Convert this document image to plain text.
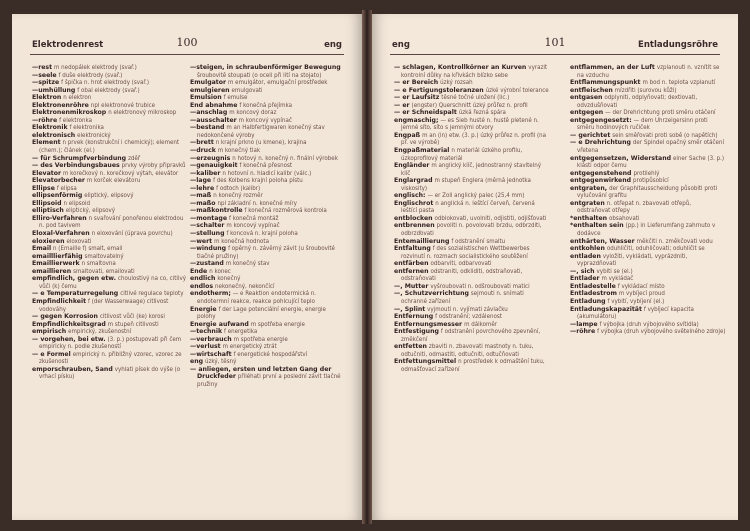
Elektrodenrest	100	eng

—rest m nedopálek elektrody (svař.)

—seele f duše elektrody (svař.)

—spitze f špička n. hrot elektrody (svař.)

—umhüllung f obal elektrody (svař.)

Elektron n elektron

Elektronenröhre npl elektronové trubice

Elektronenmikroskop n elektronový mikroskop

—röhre f elektronka

Elektronik f elektronika

elektronisch elektronický

Element n prvek (konstrukční i chemický); element (chem.); článek (el.)

— für Schrumpfverbindung zděř

— des Verbindungsbaues prvky výroby připravků

Elevator m korečkový n. korečkový výtah, elevátor

Elevatorbecher m korček elevátoru

Ellipse f elipsa

ellipsenförmig eliptický, elipsový

Ellipsoid n elipsoid

elliptisch eliptický, elipsový

Elliro-Verfahren n svařování ponořenou elektrodou n. pod tavivem

Eloxal-Verfahren n eloxování (úprava povrchu)

eloxieren eloxovati

Email n (Emaille f) smalt, email

emailllierfähig smaltovatelný

Emaillierwerk n smaltovna

emaillieren smaltovati, emailovati

empfindlich, gegen etw. choulostivý na co, citlivý vůči (k) čemu

— e Temperaturregelung citlivé regulace teploty

Empfindlichkeit f (der Wasserwaage) citlivost vodováhy

— gegen Korrosion citlivost vůči (ke) korosi

Empfindlichkeitsgrad m stupeň citlivosti

empirisch empirický, zkušenostní

— vorgehen, bei etw. (3. p.) postupovati při čem empiricky n. podle zkušeností

— e Formel empirický n. přibližný vzorec, vzorec ze zkušenosti

emporschrauben, Sand vyhlati písek do výše (o vrhací písku)

—steigen, in schraubenförmiger Bewegung šroubovitě stoupati (o oceli při lití na stojato)

Emulgator m emulgátor, emulgační prostředek

emulgieren emulgovati

Emulsion f emulse

End abnahme f konečná přejímka

—anschlag m koncový doraz

—ausschalter m koncový vypínač

—bestand m an Halbfertigwaren konečný stav nedokončené výroby

—brett n krajní prkno (u kmene), krajina

—druck m konečný tlak

—erzeugnis n hotový n. konečný n. finální výrobek

—genauigkeit f konečná přesnost

—kaliber n hotovní n. hladicí kalibr (válc.)

—lage f des Kolbens krajní poloha pístu

—lehre f odtoch (kalibr)

—maß n konečný rozměr

—maßo npl základní n. konečné míry

—maßkontrolle f konečná rozměrová kontrola

—montage f konečná montáž

—schalter m koncový vypínač

—stellung f koncová n. krajní poloha

—wert m konečná hodnota

—windung f opěrný n. závěrný závit (u šroubovité tlačné pružiny)

—zustand m konečný stav

Ende n konec

endlich konečný

endlos nekonečný, nekončící

endotherm; — e Reaktion endotermická n. endotermní reakce, reakce pohlcující teplo

Energie f der Lage potenciální energie, energie polohy

Energie aufwand m spotřeba energie

—technik f energetika

—verbrauch m spotřeba energie

—verlust m energetický ztrát

—wirtschaft f energetické hospodářství

eng úzký, těsný

— anliegen, ersten und letzten Gang der Druckfeder přiléhati první a poslední závit tlačné pružiny

eng	101	Entladungsröhre

— schlagen, Kontrollkörner an Kurven vyrazit kontrolní důlky na křivkách blízko sebe

— er Bereich úzký rozsah

— e Fertigungstoleranzen úzké výrobní tolerance

— er Laufsitz těsné točné uložení (lic.)

— er (engster) Querschnitt úzký průřez n. profil

— er Schneidspalt úzká řezná spára

engmaschig; — es Sieb husté n. hustě pletené n. jemné síto, síto s jemnými otvory

Engpaß m an (in) etw. (3. p.) úzký průřez n. profil (na př. ve výrobě)

Engpaßmaterial n materiál úzkého profilu, úzkoprofilový materiál

Engländer m anglický klíč, jednostranný stavitelný klíč

Englargrad m stupeň Englera (měrná jednotka viskosity)

englisch: — er Zoll anglický palec (25,4 mm)

Englischrot n anglická n. leštící červeň, červená leštící pasta

entblocken odblokovati, uvolniti, odjistiti, odjišťovati

entbrennen povoliti n. povolovati brzdu, odbrzditi, odbrzďovati

Entemaillierung f odstranění smaltu

Entfaltung f des sozialistischen Wettbewerbes rozvinutí n. rozmach socialistického soutěžení

entfärben odbarviti, odbarvovati

entfernen odstraniti, odkliditi, odstraňovati, odstraňovati

—, Mutter vyšroubovati n. odšroubovati matici

—, Schutzverrichtung sejmouti n. snímati ochranné zařízení

—, Splint vyjmouti n. vyjímati závlačku

Entfernung f odstranění; vzdálenost

Entfernungsmesser m dálkoměr

Entfestigung f odstranění povrchového zpevnění, změkčení

entfetten zbaviti n. zbavovati mastnoty n. tuku, odtučniti, odmastiti, odtučniti, odtučňovati

Entfettungsmittel n prostředek k odmaštění tuku, odmašťovací zařízení

entflammen, an der Luft vzplanouti n. vznítit se na vzduchu

Entflammungspunkt m bod n. teplota vzplanutí

entfleischen mízdřiti (surovou kůži)

entgasen odplyniti, odplyňovati; dextiovati, odvzdušňovati

entgegen — der Drehrichtung proti směru otáčení

entgegengesetzt: — dem Uhrzeigersinn proti směru hodinových ručiček

— gerichtet sein směřovati proti sobě (o napětích)

— e Drehrichtung der Spindel opačný směr otáčení vřetena

entgegensetzen, Widerstand einer Sache (3. p.) klásti odpor čemu

entgegenstehend protilehlý

entgegenwirkend protipůsobící

entgraten, der Graphitausscheidung působiti proti vylučování grafitu

entgraten n. otřepat n. zbavovati otřepů, odstraňovat otřepy

*enthalten obsahovati

*enthalten sein (pp.) in Lieferumfang zahrnuto v dodávce

enthärten, Wasser měkčiti n. změkčovati vodu

entkohlen oduhličiti, oduhličovati; oduhličit se

entladen vyložiti, vykládati, vyprázdniti, vyprazdňovati

—, sich vybiti se (el.)

Entlader m vykládač

Entladestelle f vykládací místo

Entladestrom m vybíjecí proud

Entladung f vybití, vybíjení (el.)

Entladungskapazität f vybíjecí kapacita (akumulátoru)

—lampe f výbojka (druh výbojového svítidla)

—röhre f výbojka (druh výbojového světelného zdroje)
